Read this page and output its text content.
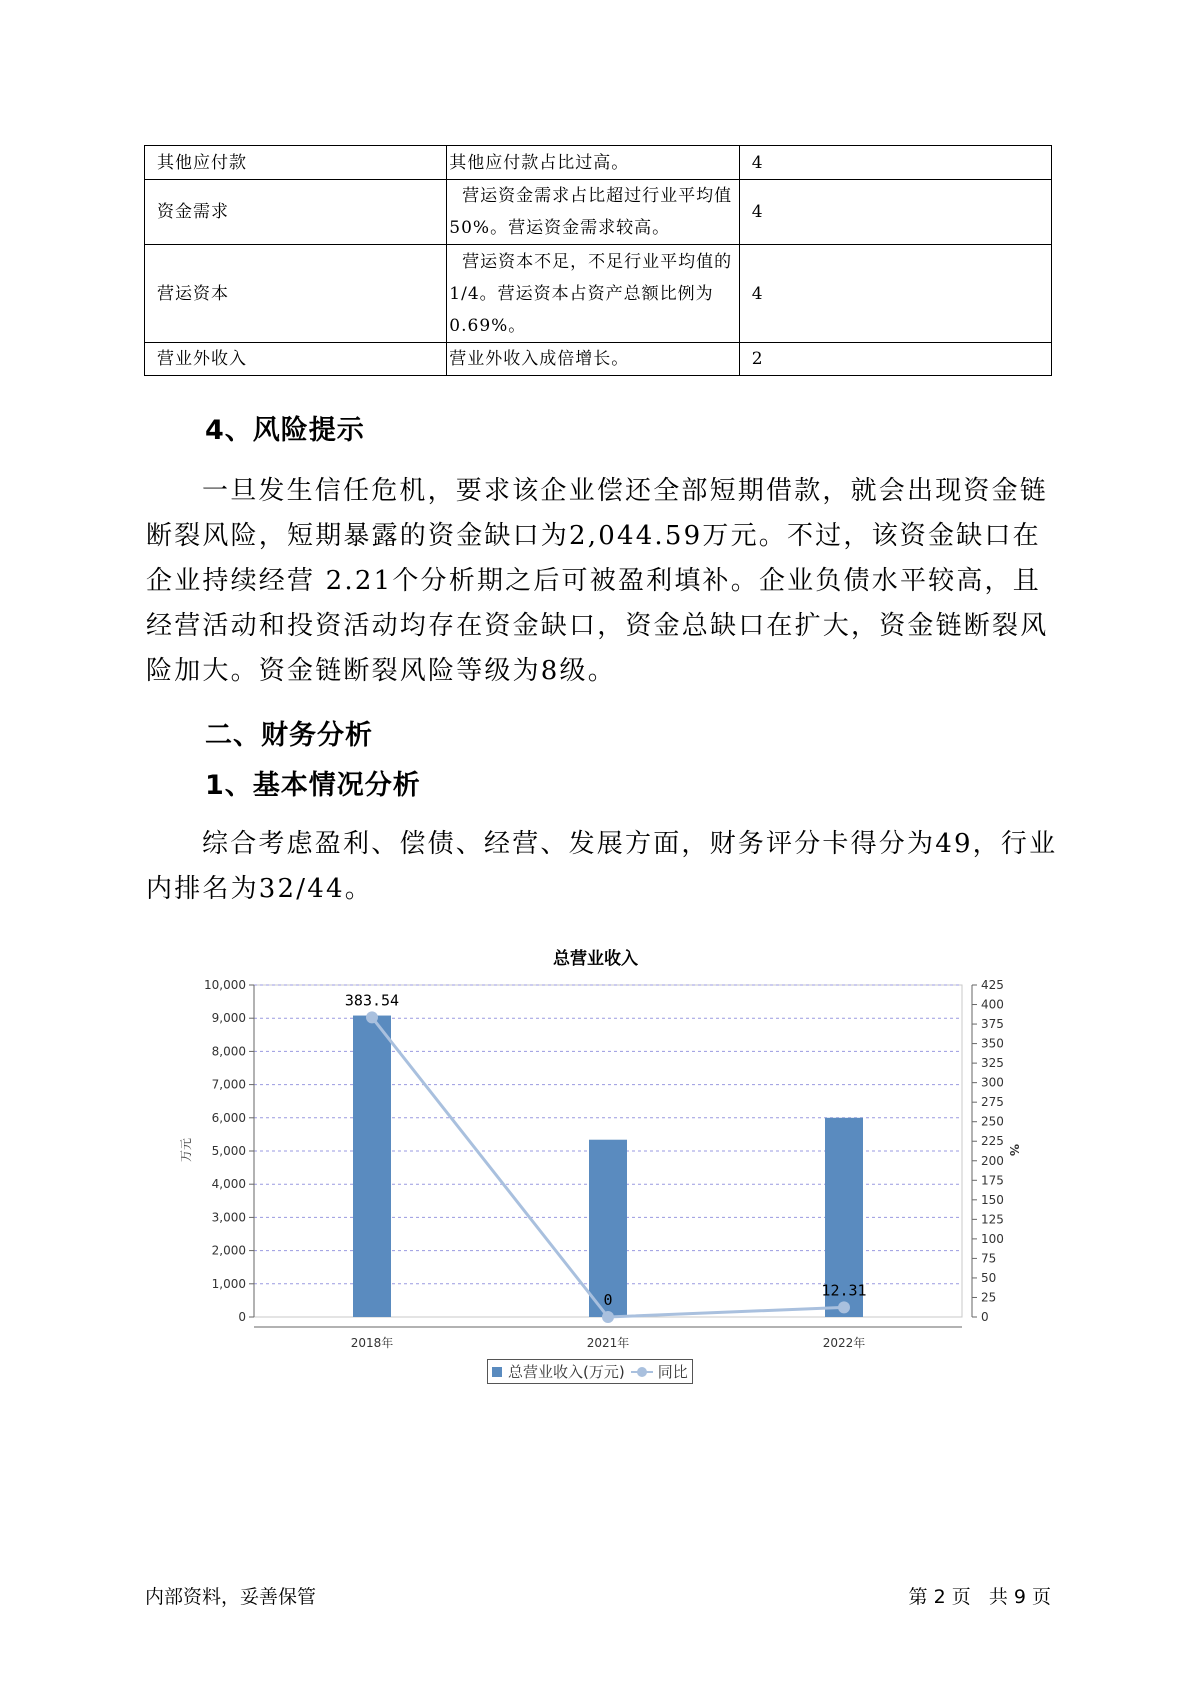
其他应付款	其他应付款占比过高。	4
资金需求	营运资金需求占比超过行业平均值50%。营运资金需求较高。	4
营运资本	营运资本不足，不足行业平均值的1/4。营运资本占资产总额比例为0.69%。	4
营业外收入	营业外收入成倍增长。	2
4、风险提示

一旦发生信任危机，要求该企业偿还全部短期借款，就会出现资金链断裂风险，短期暴露的资金缺口为2,044.59万元。不过，该资金缺口在企业持续经营 2.21个分析期之后可被盈利填补。企业负债水平较高，且经营活动和投资活动均存在资金缺口，资金总缺口在扩大，资金链断裂风险加大。资金链断裂风险等级为8级。

二、财务分析
1、基本情况分析

综合考虑盈利、偿债、经营、发展方面，财务评分卡得分为49，行业内排名为32/44。

总营业收入
383.54
0
12.31
0
1,000
2,000
3,000
4,000
5,000
6,000
7,000
8,000
9,000
10,000
0
25
50
75
100
125
150
175
200
225
250
275
300
325
350
375
400
425
2018年	2021年	2022年
万元	%
总营业收入(万元) 同比
内部资料，妥善保管	第 2 页   共 9 页
